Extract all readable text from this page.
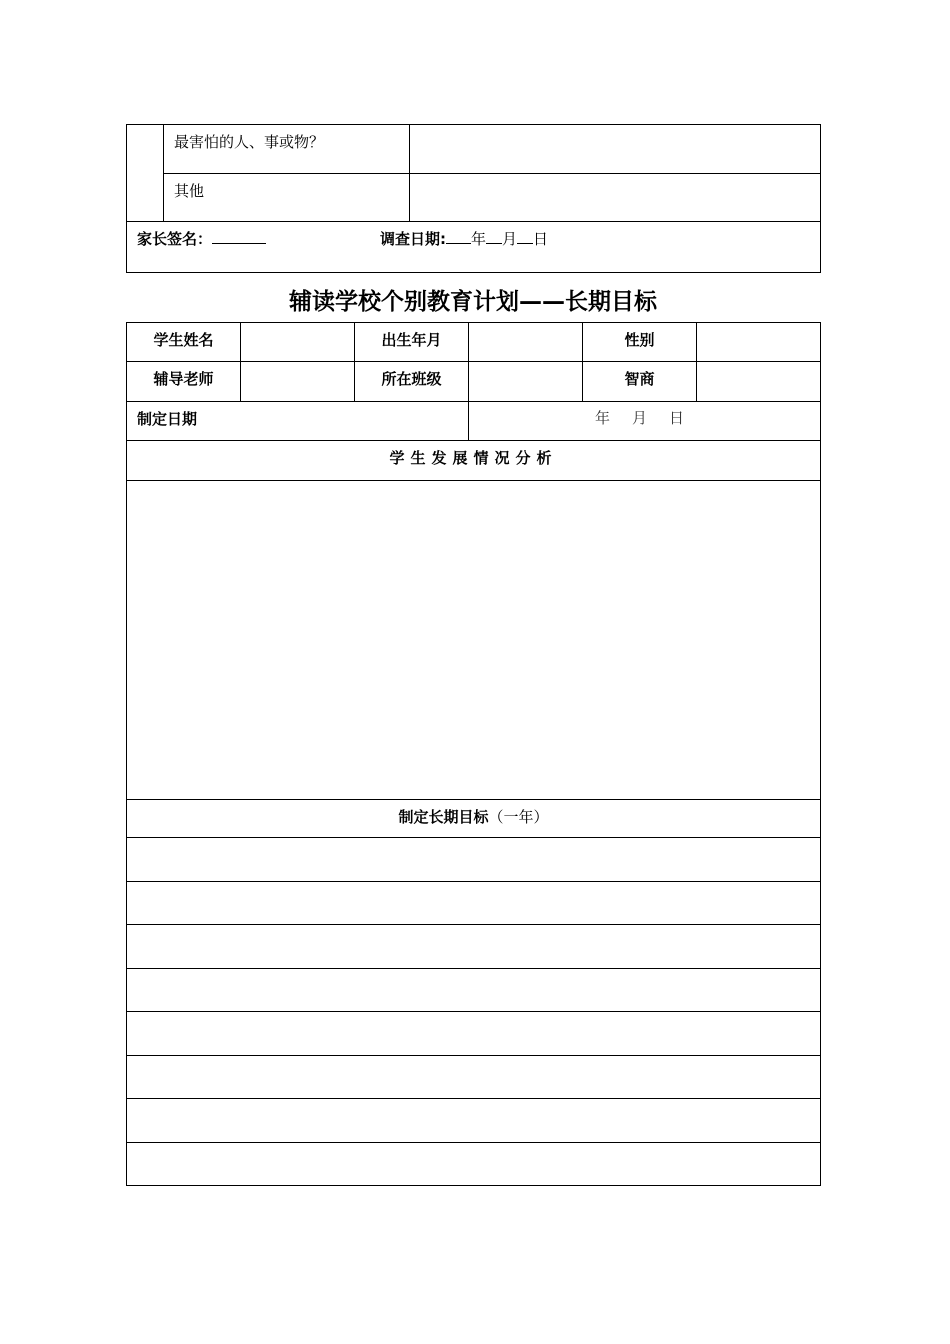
	最害怕的人、事或物？	
	其他	
家长签名： 调查日期: 年 月 日		
辅读学校个别教育计划——长期目标
学生姓名		出生年月		性别	
辅导老师		所在班级		智商	
制定日期			年 月 日		
学生发展情况分析					

制定长期目标（一年）					
